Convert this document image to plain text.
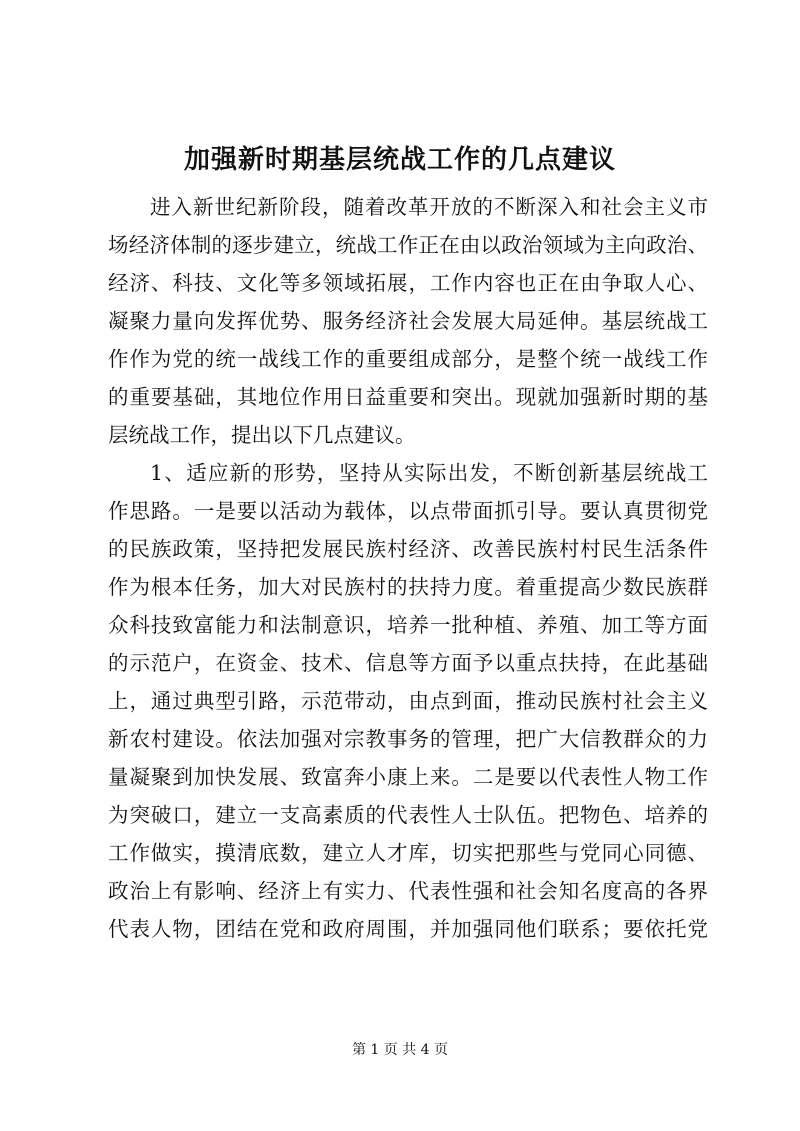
加强新时期基层统战工作的几点建议
进入新世纪新阶段，随着改革开放的不断深入和社会主义市
场经济体制的逐步建立，统战工作正在由以政治领域为主向政治、
经济、科技、文化等多领域拓展，工作内容也正在由争取人心、
凝聚力量向发挥优势、服务经济社会发展大局延伸。基层统战工
作作为党的统一战线工作的重要组成部分，是整个统一战线工作
的重要基础，其地位作用日益重要和突出。现就加强新时期的基
层统战工作，提出以下几点建议。
1、适应新的形势，坚持从实际出发，不断创新基层统战工
作思路。一是要以活动为载体，以点带面抓引导。要认真贯彻党
的民族政策，坚持把发展民族村经济、改善民族村村民生活条件
作为根本任务，加大对民族村的扶持力度。着重提高少数民族群
众科技致富能力和法制意识，培养一批种植、养殖、加工等方面
的示范户，在资金、技术、信息等方面予以重点扶持，在此基础
上，通过典型引路，示范带动，由点到面，推动民族村社会主义
新农村建设。依法加强对宗教事务的管理，把广大信教群众的力
量凝聚到加快发展、致富奔小康上来。二是要以代表性人物工作
为突破口，建立一支高素质的代表性人士队伍。把物色、培养的
工作做实，摸清底数，建立人才库，切实把那些与党同心同德、
政治上有影响、经济上有实力、代表性强和社会知名度高的各界
代表人物，团结在党和政府周围，并加强同他们联系；要依托党
第 1 页 共 4 页
